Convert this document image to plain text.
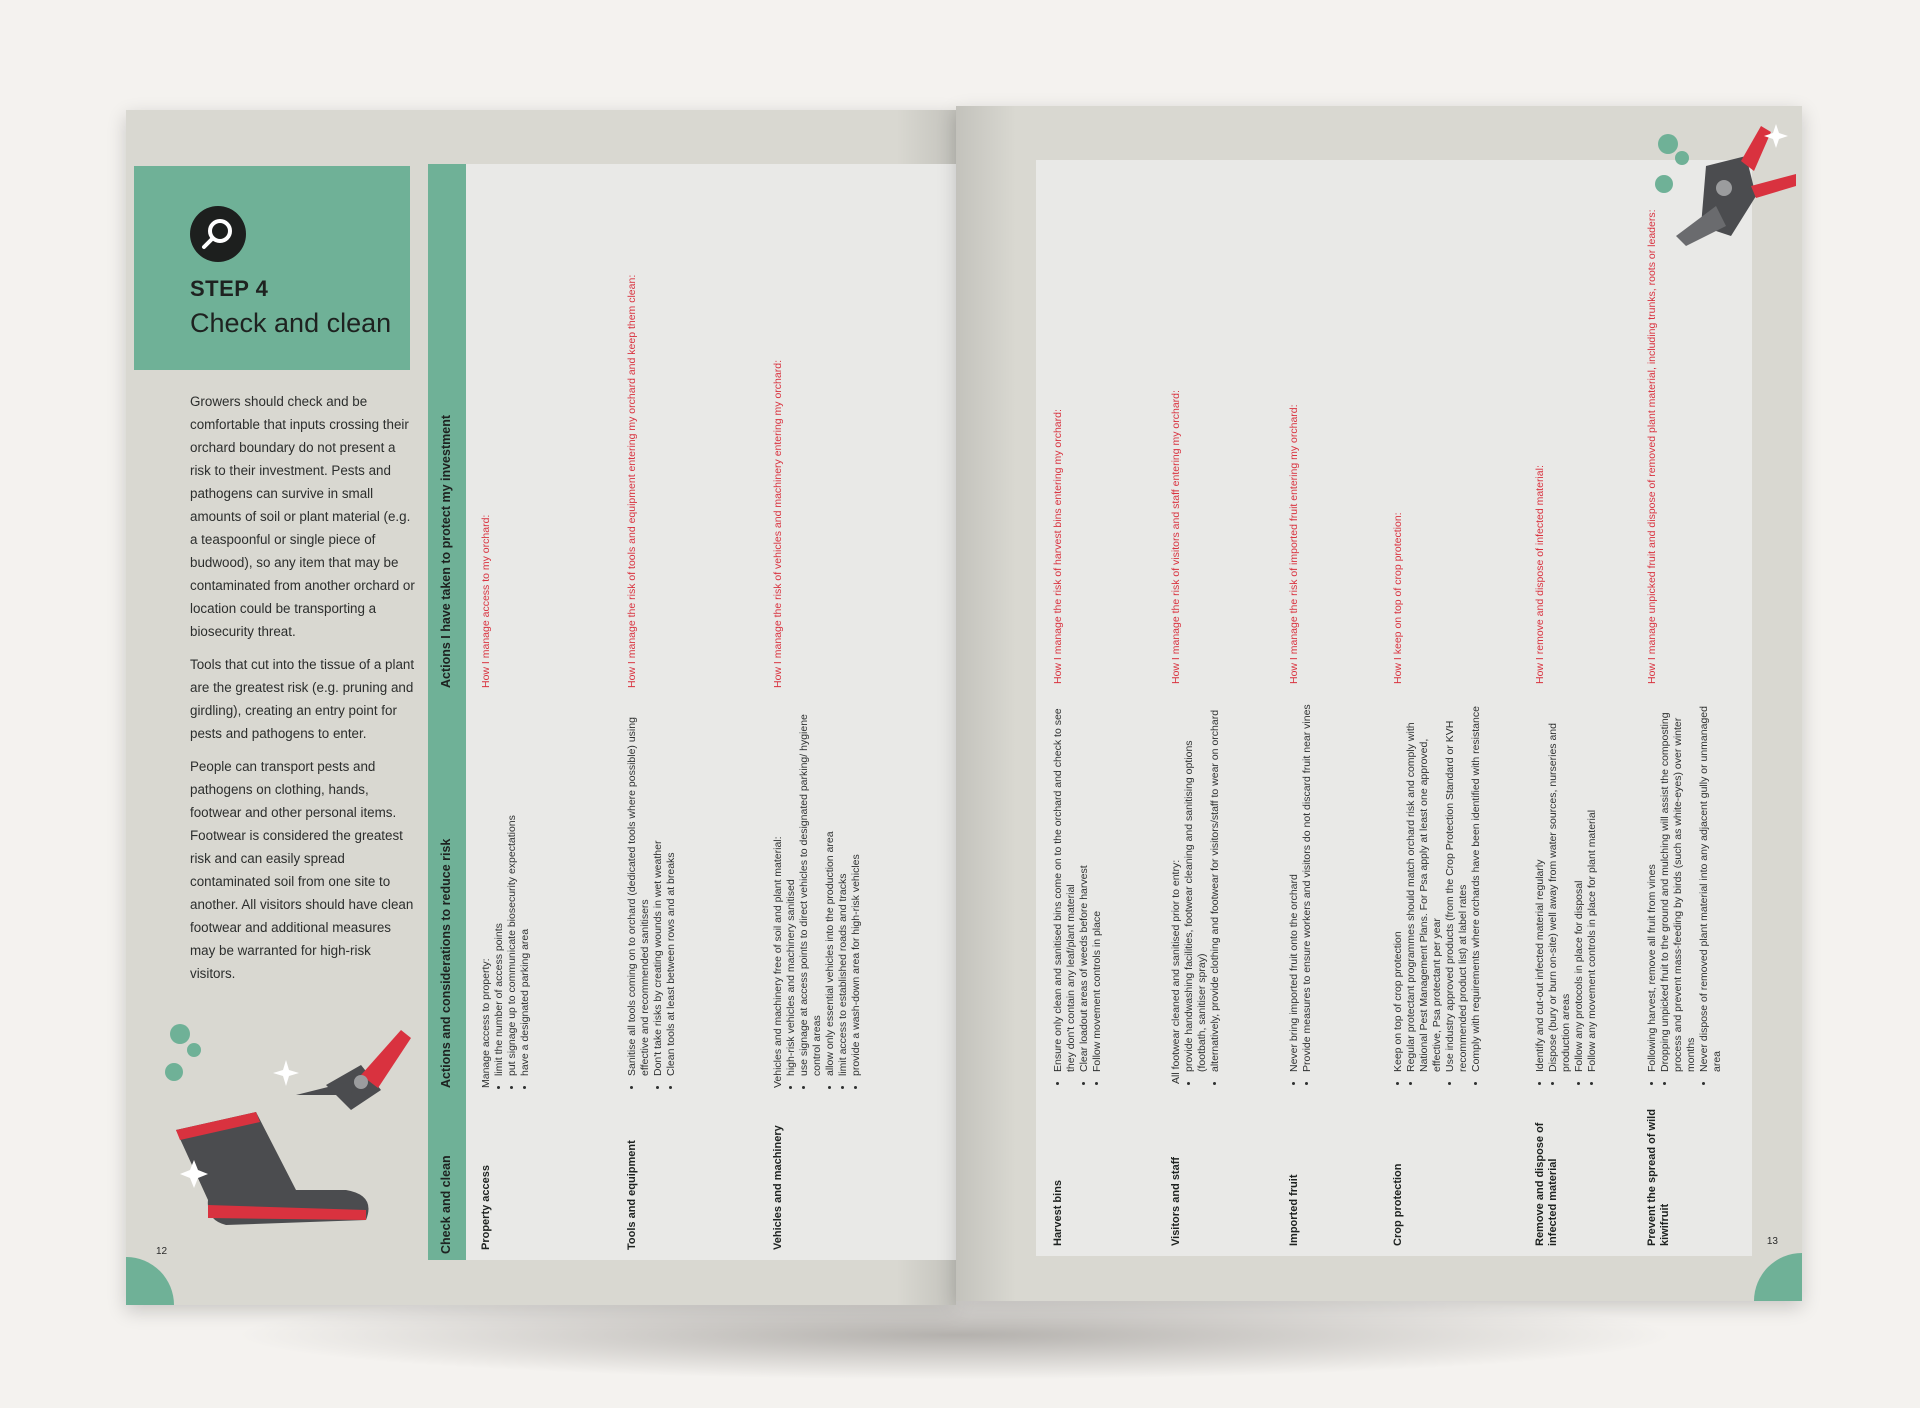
STEP 4
Check and clean

Growers should check and be comfortable that inputs crossing their orchard boundary do not present a risk to their investment. Pests and pathogens can survive in small amounts of soil or plant material (e.g. a teaspoonful or single piece of budwood), so any item that may be contaminated from another orchard or location could be transporting a biosecurity threat.

Tools that cut into the tissue of a plant are the greatest risk (e.g. pruning and girdling), creating an entry point for pests and pathogens to enter.

People can transport pests and pathogens on clothing, hands, footwear and other personal items. Footwear is considered the greatest risk and can easily spread contaminated soil from one site to another. All visitors should have clean footwear and additional measures may be warranted for high-risk visitors.

12	Check and clean
Actions and considerations to reduce risk
Actions I have taken to protect my investment
Property access
Manage access to property: • limit the number of access points • put signage up to communicate biosecurity expectations • have a designated parking area
How I manage access to my orchard:
Tools and equipment
• Sanitise all tools coming on to orchard (dedicated tools where possible) using effective and recommended sanitisers • Don't take risks by creating wounds in wet weather • Clean tools at least between rows and at breaks
How I manage the risk of tools and equipment entering my orchard and keep them clean:
Vehicles and machinery
Vehicles and machinery free of soil and plant material: • high-risk vehicles and machinery sanitised • use signage at access points to direct vehicles to designated parking/ hygiene control areas • allow only essential vehicles into the production area • limit access to established roads and tracks • provide a wash-down area for high-risk vehicles
How I manage the risk of vehicles and machinery entering my orchard:
Harvest bins
• Ensure only clean and sanitised bins come on to the orchard and check to see they don't contain any leaf/plant material • Clear loadout areas of weeds before harvest • Follow movement controls in place
How I manage the risk of harvest bins entering my orchard:
Visitors and staff
All footwear cleaned and sanitised prior to entry: • provide handwashing facilities, footwear cleaning and sanitising options (footbath, sanitiser spray) • alternatively, provide clothing and footwear for visitors/staff to wear on orchard
How I manage the risk of visitors and staff entering my orchard:
Imported fruit
• Never bring imported fruit onto the orchard • Provide measures to ensure workers and visitors do not discard fruit near vines
How I manage the risk of imported fruit entering my orchard:
Crop protection
• Keep on top of crop protection • Regular protectant programmes should match orchard risk and comply with National Pest Management Plans. For Psa apply at least one approved, effective, Psa protectant per year • Use industry approved products (from the Crop Protection Standard or KVH recommended product list) at label rates • Comply with requirements where orchards have been identified with resistance
How I keep on top of crop protection:
Remove and dispose of infected material
• Identify and cut-out infected material regularly • Dispose (bury or burn on-site) well away from water sources, nurseries and production areas • Follow any protocols in place for disposal • Follow any movement controls in place for plant material
How I remove and dispose of infected material:
Prevent the spread of wild kiwifruit
• Following harvest, remove all fruit from vines • Dropping unpicked fruit to the ground and mulching will assist the composting process and prevent mass-feeding by birds (such as white-eyes) over winter months • Never dispose of removed plant material into any adjacent gully or unmanaged area
How I manage unpicked fruit and dispose of removed plant material, including trunks, roots or leaders:
13
